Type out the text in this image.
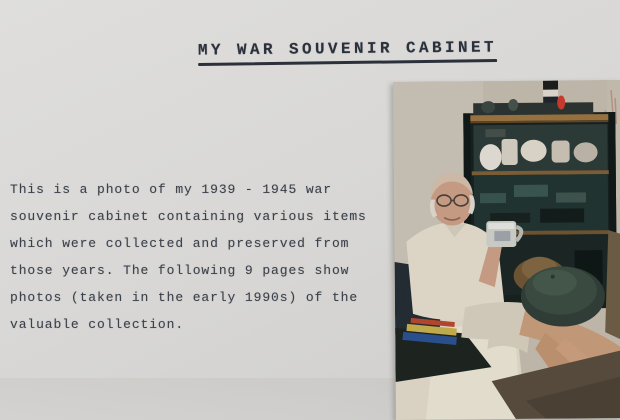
MY WAR SOUVENIR CABINET
This is a photo of my 1939 - 1945 war
souvenir cabinet containing various items
which were collected and preserved from
those years. The following 9 pages show
photos (taken in the early 1990s) of the
valuable collection.
